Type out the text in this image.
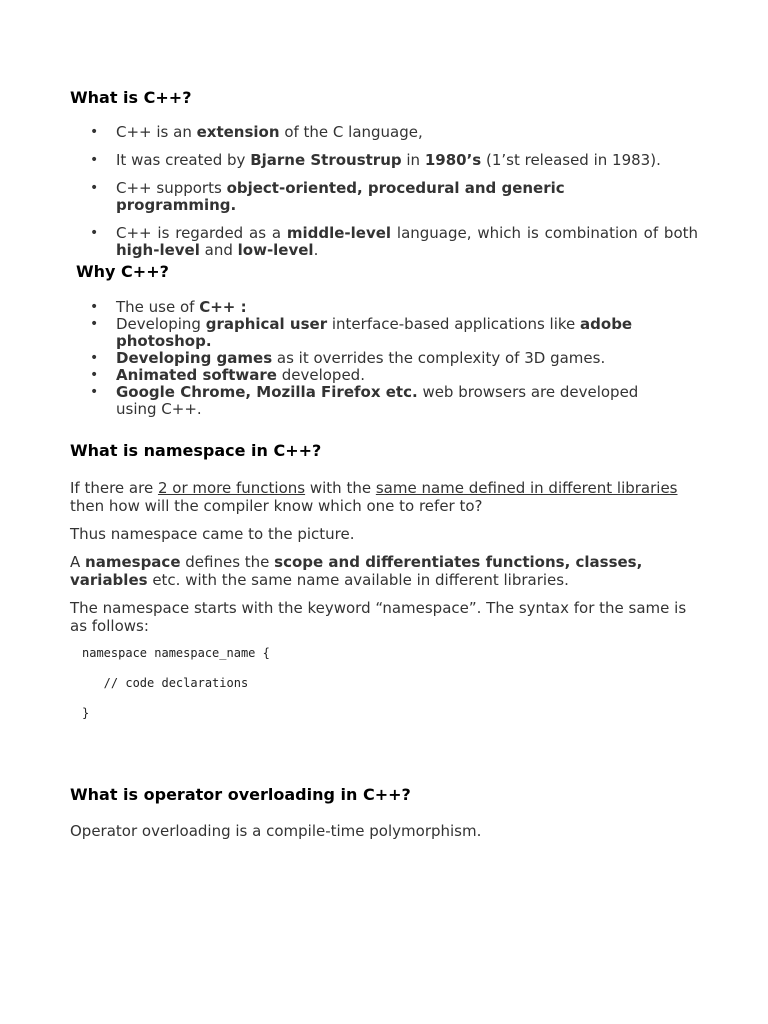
What is C++?
• C++ is an extension of the C language,
• It was created by Bjarne Stroustrup in 1980’s (1’st released in 1983).
• C++ supports object-oriented, procedural and generic programming.
• C++ is regarded as a middle-level language, which is combination of both high-level and low-level.
Why C++?
• The use of C++ :
• Developing graphical user interface-based applications like adobe photoshop.
• Developing games as it overrides the complexity of 3D games.
• Animated software developed.
• Google Chrome, Mozilla Firefox etc. web browsers are developed using C++.
What is namespace in C++?

If there are 2 or more functions with the same name defined in different libraries then how will the compiler know which one to refer to?

Thus namespace came to the picture.

A namespace defines the scope and differentiates functions, classes, variables etc. with the same name available in different libraries.

The namespace starts with the keyword “namespace”. The syntax for the same is as follows:

namespace namespace_name {
// code declarations
}
What is operator overloading in C++?

Operator overloading is a compile-time polymorphism.
